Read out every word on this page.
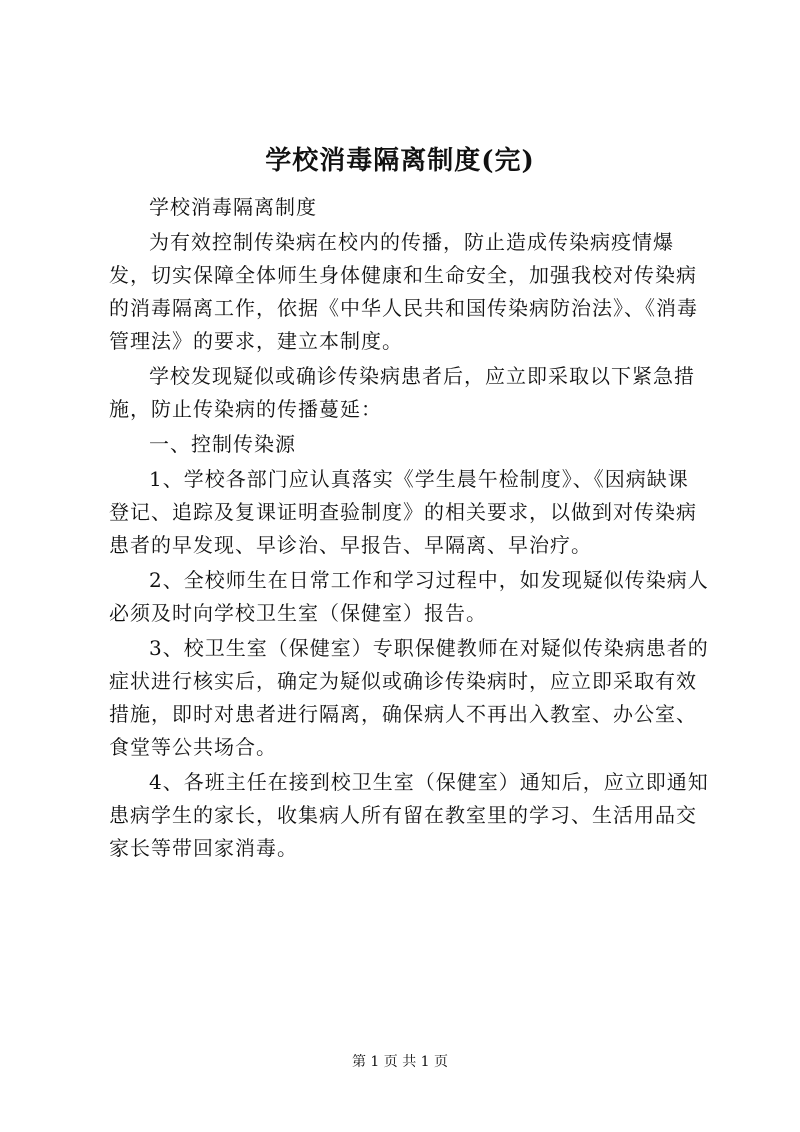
学校消毒隔离制度(完)

学校消毒隔离制度

为有效控制传染病在校内的传播，防止造成传染病疫情爆发，切实保障全体师生身体健康和生命安全，加强我校对传染病的消毒隔离工作，依据《中华人民共和国传染病防治法》、《消毒管理法》的要求，建立本制度。

学校发现疑似或确诊传染病患者后，应立即采取以下紧急措施，防止传染病的传播蔓延：

一、控制传染源

1、学校各部门应认真落实《学生晨午检制度》、《因病缺课登记、追踪及复课证明查验制度》的相关要求，以做到对传染病患者的早发现、早诊治、早报告、早隔离、早治疗。

2、全校师生在日常工作和学习过程中，如发现疑似传染病人必须及时向学校卫生室（保健室）报告。

3、校卫生室（保健室）专职保健教师在对疑似传染病患者的症状进行核实后，确定为疑似或确诊传染病时，应立即采取有效措施，即时对患者进行隔离，确保病人不再出入教室、办公室、食堂等公共场合。

4、各班主任在接到校卫生室（保健室）通知后，应立即通知患病学生的家长，收集病人所有留在教室里的学习、生活用品交家长等带回家消毒。

第 1 页 共 1 页
